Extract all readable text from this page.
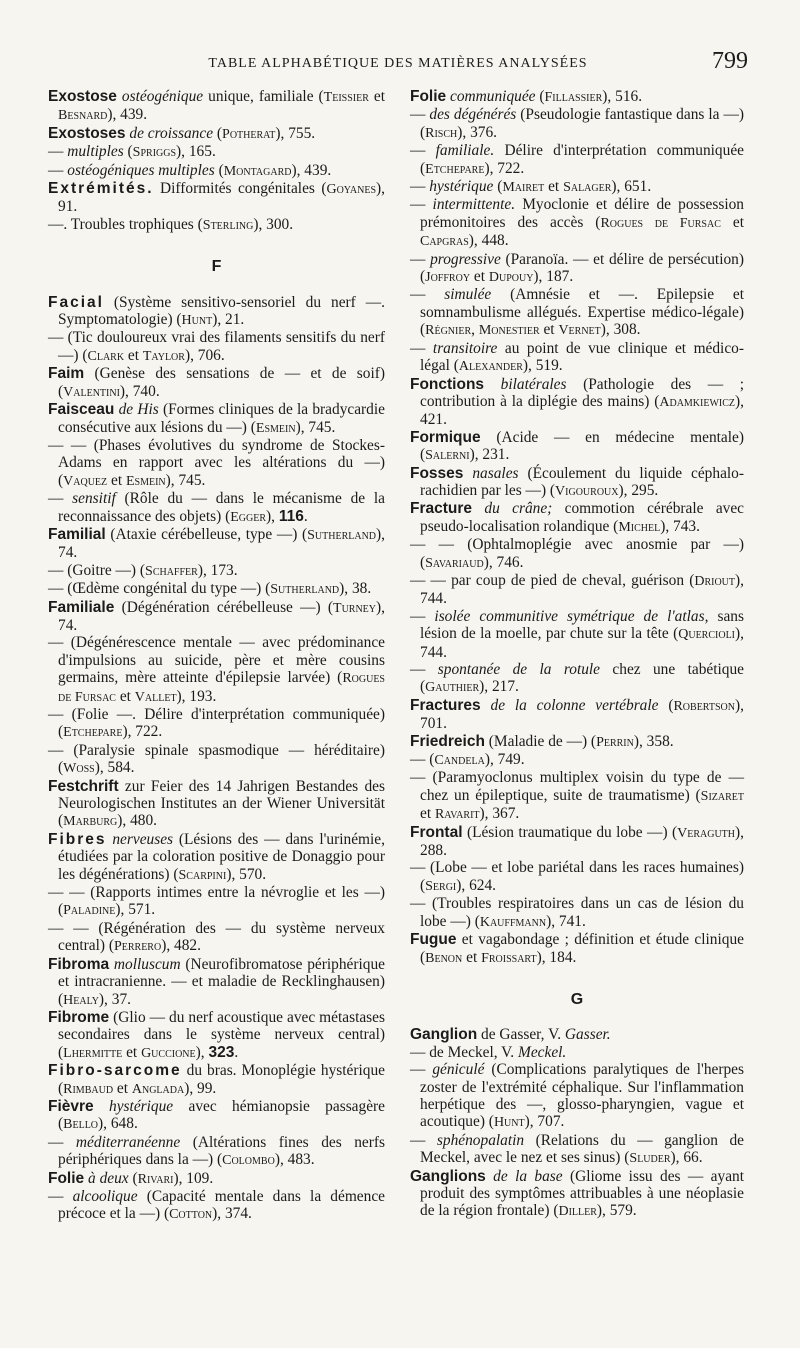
TABLE ALPHABÉTIQUE DES MATIÈRES ANALYSÉES	799

Exostose ostéogénique unique, familiale (Teissier et Besnard), 439.

Exostoses de croissance (Potherat), 755.

— multiples (Spriggs), 165.

— ostéogéniques multiples (Montagard), 439.

Extrémités. Difformités congénitales (Goyanes), 91.

—. Troubles trophiques (Sterling), 300.

F

Facial (Système sensitivo-sensoriel du nerf —. Symptomatologie) (Hunt), 21.

— (Tic douloureux vrai des filaments sensitifs du nerf —) (Clark et Taylor), 706.

Faim (Genèse des sensations de — et de soif) (Valentini), 740.

Faisceau de His (Formes cliniques de la bradycardie consécutive aux lésions du —) (Esmein), 745.

— — (Phases évolutives du syndrome de Stockes-Adams en rapport avec les altérations du —) (Vaquez et Esmein), 745.

— sensitif (Rôle du — dans le mécanisme de la reconnaissance des objets) (Egger), 116.

Familial (Ataxie cérébelleuse, type —) (Sutherland), 74.

— (Goitre —) (Schaffer), 173.

— (Œdème congénital du type —) (Sutherland), 38.

Familiale (Dégénération cérébelleuse —) (Turney), 74.

— (Dégénérescence mentale — avec prédominance d'impulsions au suicide, père et mère cousins germains, mère atteinte d'épilepsie larvée) (Rogues de Fursac et Vallet), 193.

— (Folie —. Délire d'interprétation communiquée) (Etchepare), 722.

— (Paralysie spinale spasmodique — héréditaire) (Woss), 584.

Festchrift zur Feier des 14 Jahrigen Bestandes des Neurologischen Institutes an der Wiener Universität (Marburg), 480.

Fibres nerveuses (Lésions des — dans l'urinémie, étudiées par la coloration positive de Donaggio pour les dégénérations) (Scarpini), 570.

— — (Rapports intimes entre la névroglie et les —) (Paladine), 571.

— — (Régénération des — du système nerveux central) (Perrero), 482.

Fibroma molluscum (Neurofibromatose périphérique et intracranienne. — et maladie de Recklinghausen) (Healy), 37.

Fibrome (Glio — du nerf acoustique avec métastases secondaires dans le système nerveux central) (Lhermitte et Guccione), 323.

Fibro-sarcome du bras. Monoplégie hystérique (Rimbaud et Anglada), 99.

Fièvre hystérique avec hémianopsie passagère (Bello), 648.

— méditerranéenne (Altérations fines des nerfs périphériques dans la —) (Colombo), 483.

Folie à deux (Rivari), 109.

— alcoolique (Capacité mentale dans la démence précoce et la —) (Cotton), 374.

Folie communiquée (Fillassier), 516.

— des dégénérés (Pseudologie fantastique dans la —) (Risch), 376.

— familiale. Délire d'interprétation communiquée (Etchepare), 722.

— hystérique (Mairet et Salager), 651.

— intermittente. Myoclonie et délire de possession prémonitoires des accès (Rogues de Fursac et Capgras), 448.

— progressive (Paranoïa. — et délire de persécution) (Joffroy et Dupouy), 187.

— simulée (Amnésie et —. Epilepsie et somnambulisme allégués. Expertise médico-légale) (Régnier, Monestier et Vernet), 308.

— transitoire au point de vue clinique et médico-légal (Alexander), 519.

Fonctions bilatérales (Pathologie des — ; contribution à la diplégie des mains) (Adamkiewicz), 421.

Formique (Acide — en médecine mentale) (Salerni), 231.

Fosses nasales (Écoulement du liquide céphalo-rachidien par les —) (Vigouroux), 295.

Fracture du crâne; commotion cérébrale avec pseudo-localisation rolandique (Michel), 743.

— — (Ophtalmoplégie avec anosmie par —) (Savariaud), 746.

— — par coup de pied de cheval, guérison (Driout), 744.

— isolée communitive symétrique de l'atlas, sans lésion de la moelle, par chute sur la tête (Quercioli), 744.

— spontanée de la rotule chez une tabétique (Gauthier), 217.

Fractures de la colonne vertébrale (Robertson), 701.

Friedreich (Maladie de —) (Perrin), 358.

— (Candela), 749.

— (Paramyoclonus multiplex voisin du type de — chez un épileptique, suite de traumatisme) (Sizaret et Ravarit), 367.

Frontal (Lésion traumatique du lobe —) (Veraguth), 288.

— (Lobe — et lobe pariétal dans les races humaines) (Sergi), 624.

— (Troubles respiratoires dans un cas de lésion du lobe —) (Kauffmann), 741.

Fugue et vagabondage ; définition et étude clinique (Benon et Froissart), 184.

G

Ganglion de Gasser, V. Gasser.

— de Meckel, V. Meckel.

— géniculé (Complications paralytiques de l'herpes zoster de l'extrémité céphalique. Sur l'inflammation herpétique des —, glosso-pharyngien, vague et acoutique) (Hunt), 707.

— sphénopalatin (Relations du — ganglion de Meckel, avec le nez et ses sinus) (Sluder), 66.

Ganglions de la base (Gliome issu des — ayant produit des symptômes attribuables à une néoplasie de la région frontale) (Diller), 579.
